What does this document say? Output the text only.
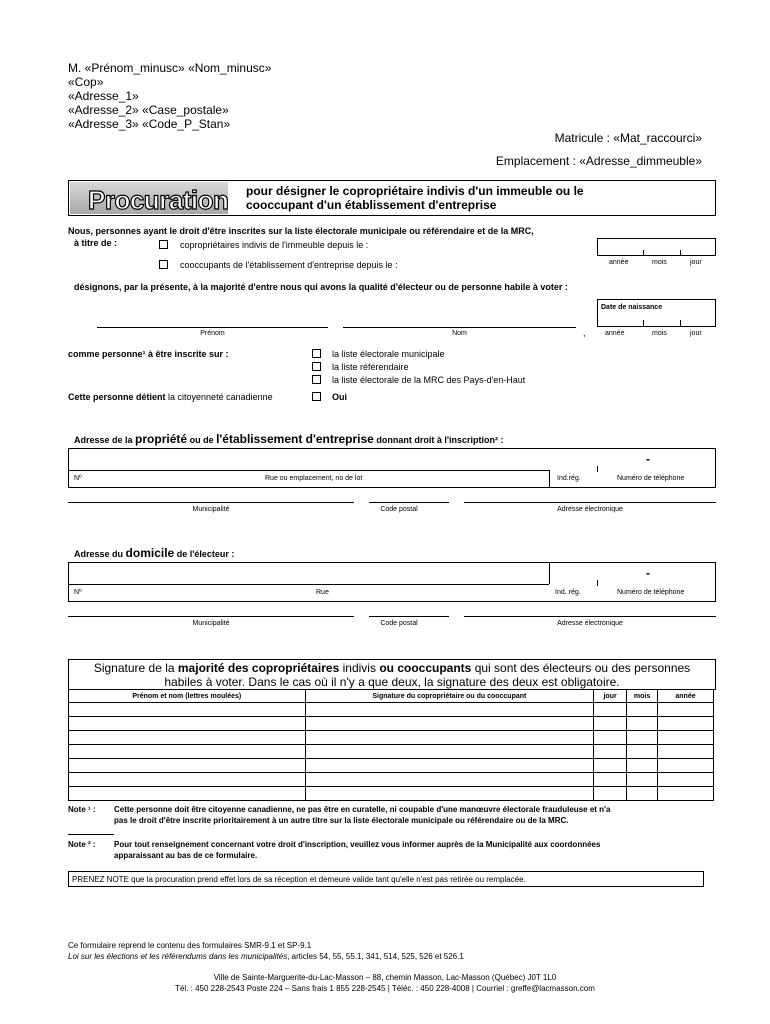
M. «Prénom_minusc» «Nom_minusc»
«Cop»
«Adresse_1»
«Adresse_2» «Case_postale»
«Adresse_3» «Code_P_Stan»
Matricule : «Mat_raccourci»
Emplacement : «Adresse_dimmeuble»
Procuration pour désigner le copropriétaire indivis d'un immeuble ou le
cooccupant d'un établissement d'entreprise
Nous, personnes ayant le droit d'être inscrites sur la liste électorale municipale ou référendaire et de la MRC,
à titre de :	copropriétaires indivis de l'immeuble depuis le :
cooccupants de l'établissement d'entreprise depuis le :	année	mois	jour
désignons, par la présente, à la majorité d'entre nous qui avons la qualité d'électeur ou de personne habile à voter :
Date de naissance
Prénom	Nom	,	année	mois	jour
comme personne¹ à être inscrite sur :	la liste électorale municipale
la liste référendaire
la liste électorale de la MRC des Pays-d'en-Haut
Cette personne détient la citoyenneté canadienne	Oui
Adresse de la propriété ou de l'établissement d'entreprise donnant droit à l'inscription² :
-
Nº	Rue ou emplacement, no de lot	Ind.rég.	Numéro de téléphone
Municipalité	Code postal	Adresse électronique
Adresse du domicile de l'électeur :
-
Nº	Rue	Ind. rég.	Numéro de téléphone
Municipalité	Code postal	Adresse électronique
Signature de la majorité des copropriétaires indivis ou cooccupants qui sont des électeurs ou des personnes
habiles à voter. Dans le cas où il n'y a que deux, la signature des deux est obligatoire.
Prénom et nom (lettres moulées)	Signature du copropriétaire ou du cooccupant	jour	mois	année

Note ¹ : Cette personne doit être citoyenne canadienne, ne pas être en curatelle, ni coupable d'une manœuvre électorale frauduleuse et n'a
pas le droit d'être inscrite prioritairement à un autre titre sur la liste électorale municipale ou référendaire ou de la MRC.
Note ² : Pour tout renseignement concernant votre droit d'inscription, veuillez vous informer auprès de la Municipalité aux coordonnées
apparaissant au bas de ce formulaire.
PRENEZ NOTE que la procuration prend effet lors de sa réception et demeure valide tant qu'elle n'est pas retirée ou remplacée.
Ce formulaire reprend le contenu des formulaires SMR-9.1 et SP-9.1
Loi sur les élections et les référendums dans les municipalités, articles 54, 55, 55.1, 341, 514, 525, 526 et 526.1
Ville de Sainte-Marguerite-du-Lac-Masson – 88, chemin Masson, Lac-Masson (Québec) J0T 1L0
Tél. : 450 228-2543 Poste 224 – Sans frais 1 855 228-2545 | Téléc. : 450 228-4008 | Courriel : greffe@lacmasson.com
